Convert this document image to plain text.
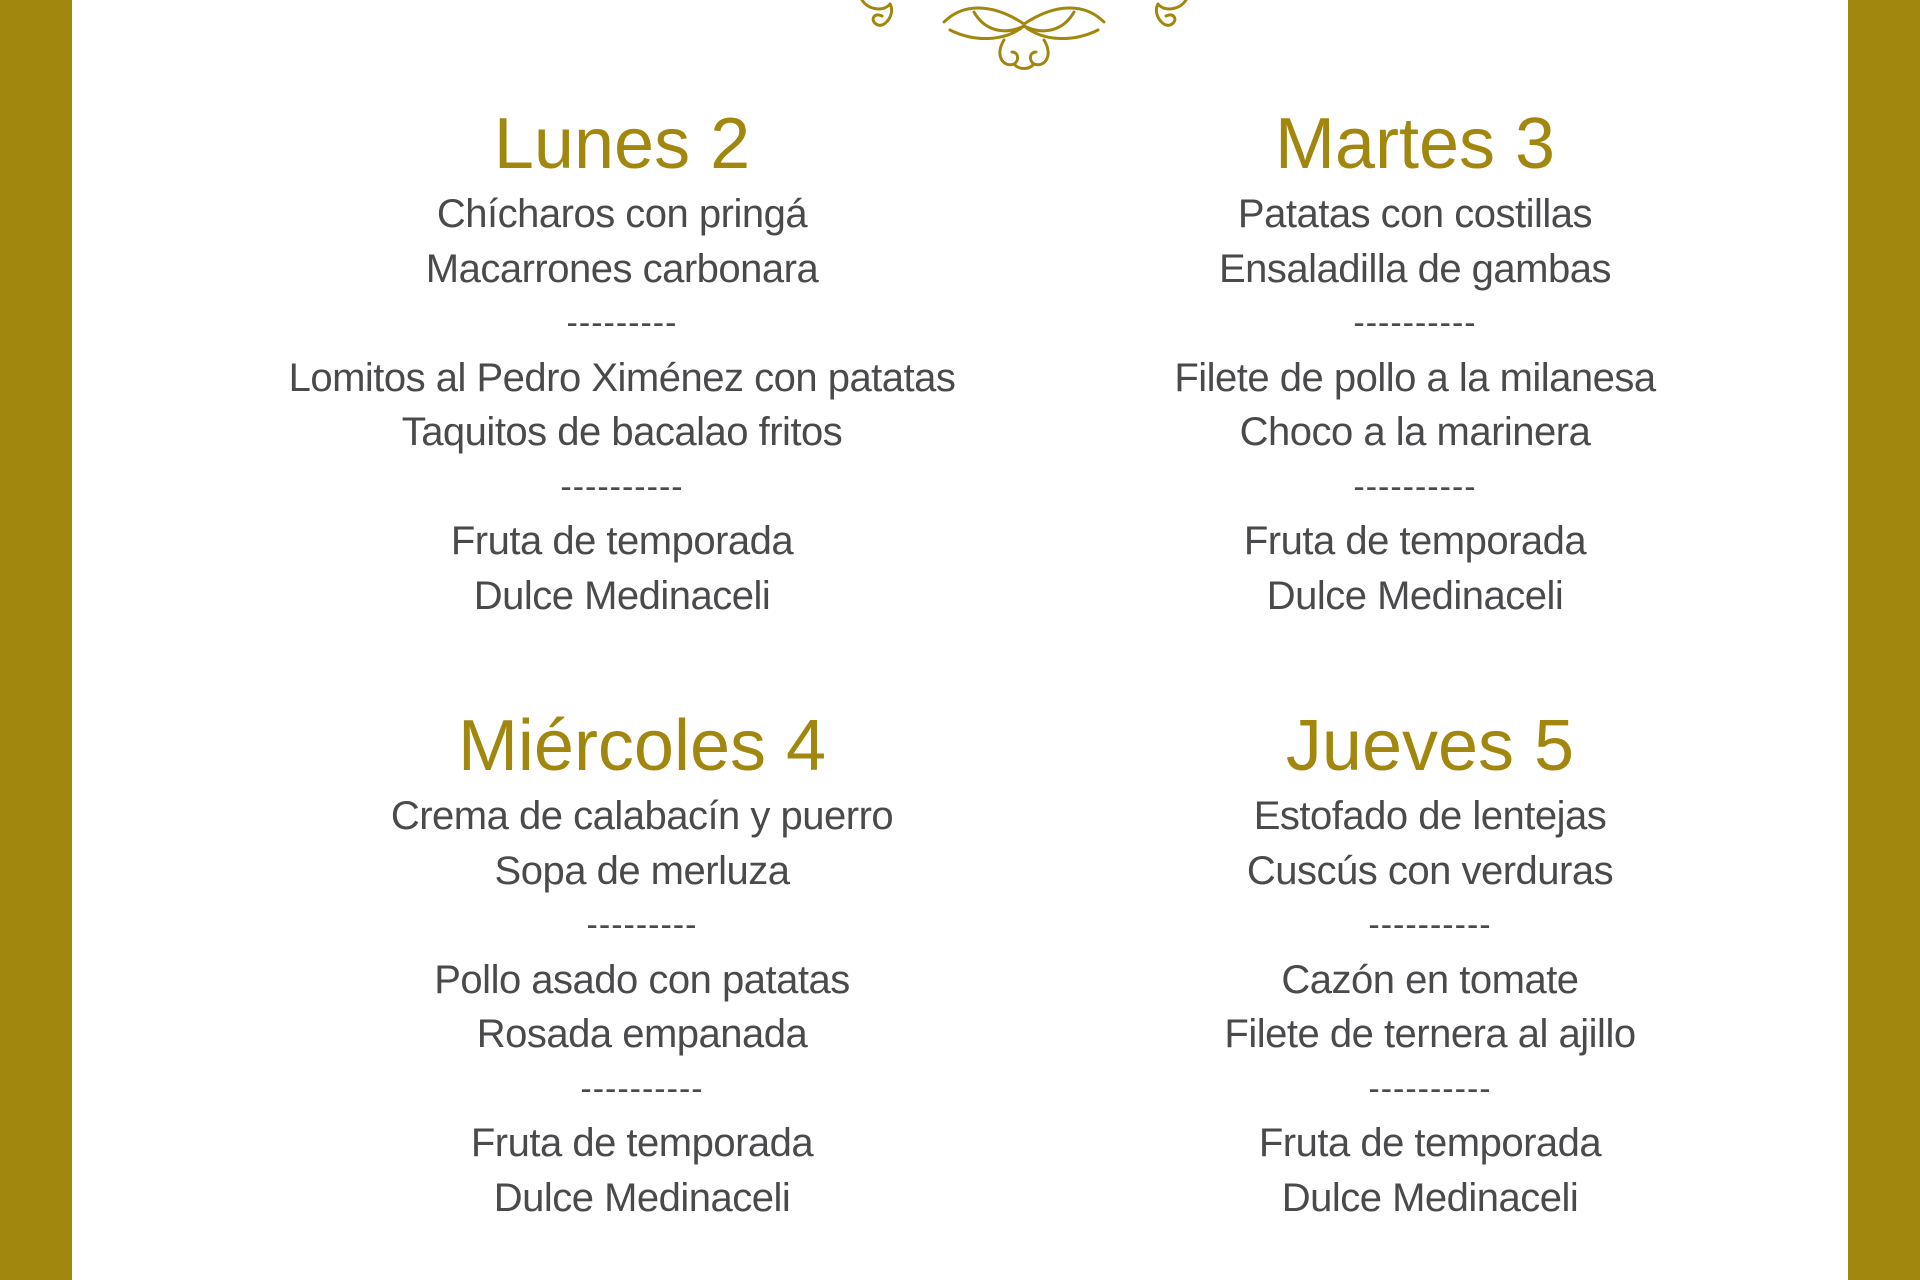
Lunes 2
Chícharos con pringá
Macarrones carbonara
---------
Lomitos al Pedro Ximénez con patatas
Taquitos de bacalao fritos
----------
Fruta de temporada
Dulce Medinaceli
Martes 3
Patatas con costillas
Ensaladilla de gambas
----------
Filete de pollo a la milanesa
Choco a la marinera
----------
Fruta de temporada
Dulce Medinaceli
Miércoles 4
Crema de calabacín y puerro
Sopa de merluza
---------
Pollo asado con patatas
Rosada empanada
----------
Fruta de temporada
Dulce Medinaceli
Jueves 5
Estofado de lentejas
Cuscús con verduras
----------
Cazón en tomate
Filete de ternera al ajillo
----------
Fruta de temporada
Dulce Medinaceli
